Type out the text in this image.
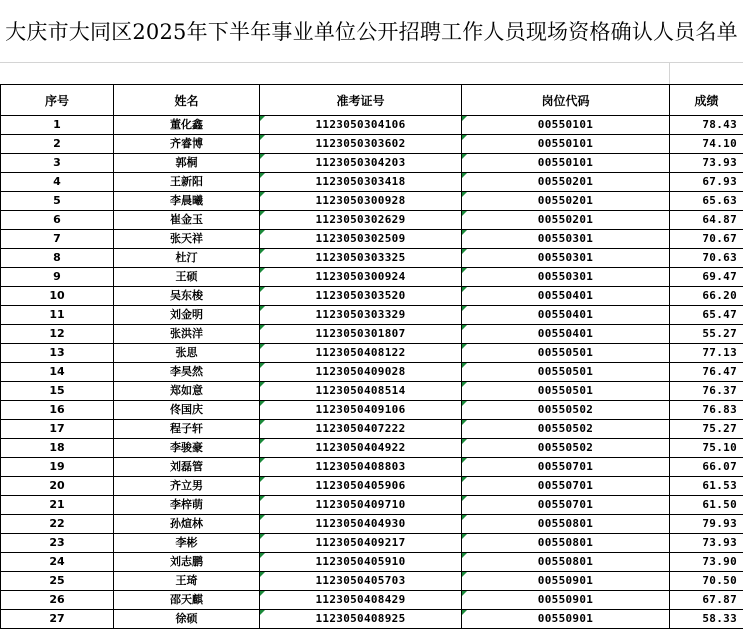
大庆市大同区2025年下半年事业单位公开招聘工作人员现场资格确认人员名单
序号	姓名	准考证号	岗位代码	成绩
1	董化鑫	1123050304106	00550101	78.43
2	齐睿博	1123050303602	00550101	74.10
3	郭桐	1123050304203	00550101	73.93
4	王新阳	1123050303418	00550201	67.93
5	李晨曦	1123050300928	00550201	65.63
6	崔金玉	1123050302629	00550201	64.87
7	张天祥	1123050302509	00550301	70.67
8	杜汀	1123050303325	00550301	70.63
9	王硕	1123050300924	00550301	69.47
10	吴东梭	1123050303520	00550401	66.20
11	刘金明	1123050303329	00550401	65.47
12	张洪洋	1123050301807	00550401	55.27
13	张思	1123050408122	00550501	77.13
14	李昊然	1123050409028	00550501	76.47
15	郑如意	1123050408514	00550501	76.37
16	佟国庆	1123050409106	00550502	76.83
17	程子轩	1123050407222	00550502	75.27
18	李骏豪	1123050404922	00550502	75.10
19	刘磊管	1123050408803	00550701	66.07
20	齐立男	1123050405906	00550701	61.53
21	李梓萌	1123050409710	00550701	61.50
22	孙煊林	1123050404930	00550801	79.93
23	李彬	1123050409217	00550801	73.93
24	刘志鹏	1123050405910	00550801	73.90
25	王琦	1123050405703	00550901	70.50
26	邵天麒	1123050408429	00550901	67.87
27	徐硕	1123050408925	00550901	58.33
